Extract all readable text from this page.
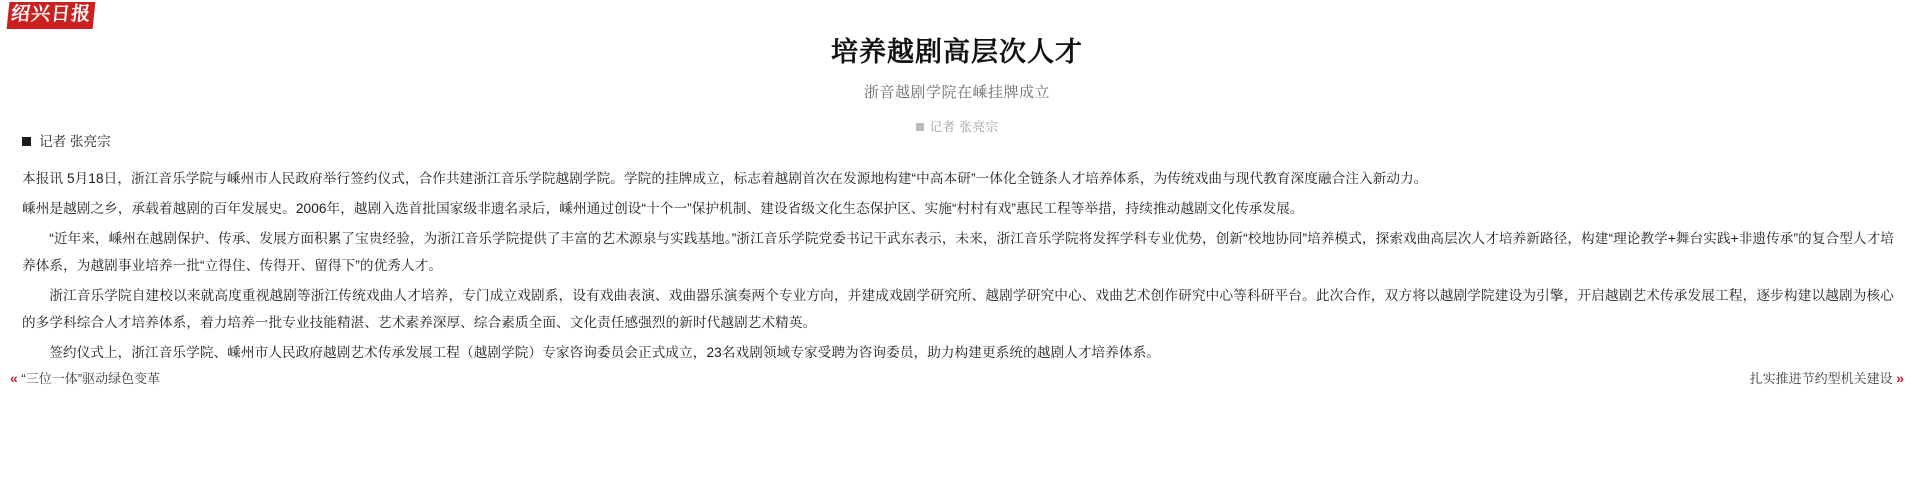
绍兴日报
培养越剧高层次人才
浙音越剧学院在嵊挂牌成立
记者 张亮宗
记者 张亮宗

本报讯 5月18日，浙江音乐学院与嵊州市人民政府举行签约仪式，合作共建浙江音乐学院越剧学院。学院的挂牌成立，标志着越剧首次在发源地构建“中高本研”一体化全链条人才培养体系，为传统戏曲与现代教育深度融合注入新动力。

嵊州是越剧之乡，承载着越剧的百年发展史。2006年，越剧入选首批国家级非遗名录后，嵊州通过创设“十个一”保护机制、建设省级文化生态保护区、实施“村村有戏”惠民工程等举措，持续推动越剧文化传承发展。

“近年来，嵊州在越剧保护、传承、发展方面积累了宝贵经验，为浙江音乐学院提供了丰富的艺术源泉与实践基地。”浙江音乐学院党委书记干武东表示，未来，浙江音乐学院将发挥学科专业优势，创新“校地协同”培养模式，探索戏曲高层次人才培养新路径，构建“理论教学+舞台实践+非遗传承”的复合型人才培养体系，为越剧事业培养一批“立得住、传得开、留得下”的优秀人才。

浙江音乐学院自建校以来就高度重视越剧等浙江传统戏曲人才培养，专门成立戏剧系，设有戏曲表演、戏曲器乐演奏两个专业方向，并建成戏剧学研究所、越剧学研究中心、戏曲艺术创作研究中心等科研平台。此次合作，双方将以越剧学院建设为引擎，开启越剧艺术传承发展工程，逐步构建以越剧为核心的多学科综合人才培养体系，着力培养一批专业技能精湛、艺术素养深厚、综合素质全面、文化责任感强烈的新时代越剧艺术精英。

签约仪式上，浙江音乐学院、嵊州市人民政府越剧艺术传承发展工程（越剧学院）专家咨询委员会正式成立，23名戏剧领域专家受聘为咨询委员，助力构建更系统的越剧人才培养体系。

« “三位一体”驱动绿色变革	扎实推进节约型机关建设 »
